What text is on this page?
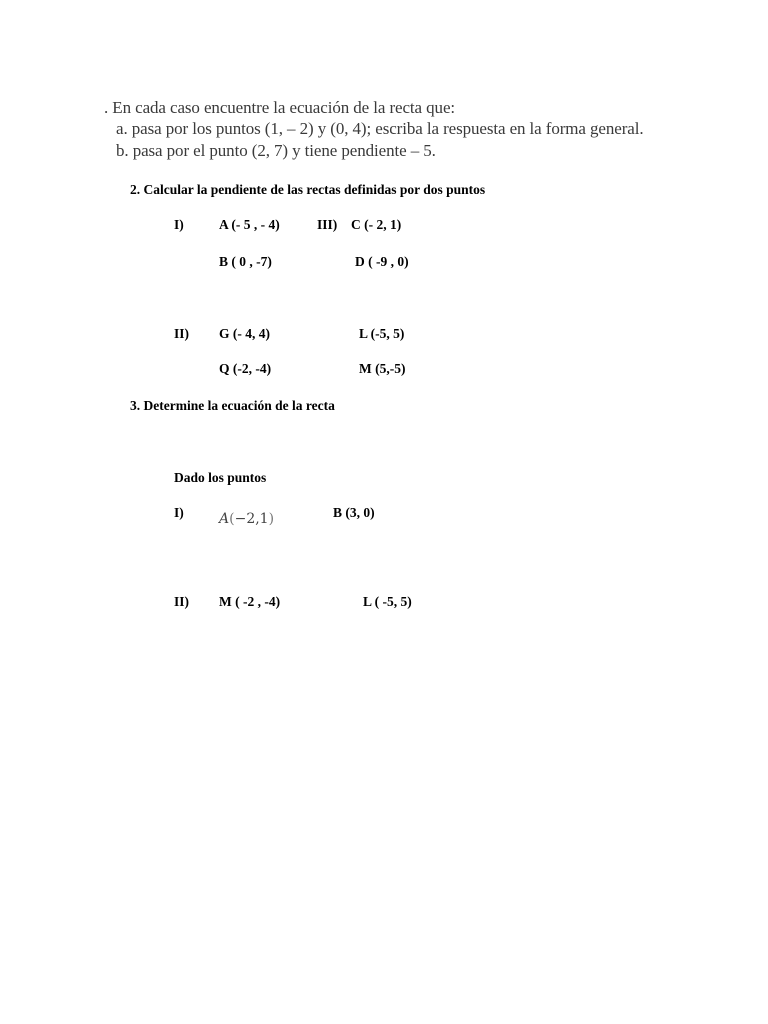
. En cada caso encuentre la ecuación de la recta que:
a. pasa por los puntos (1, – 2) y (0, 4); escriba la respuesta en la forma general.
b. pasa por el punto (2, 7) y tiene pendiente – 5.
2. Calcular la pendiente de las rectas definidas por dos puntos
I)	A (- 5 , - 4)	III) C (- 2, 1)
B ( 0 , -7)	D ( -9 , 0)
II) G (- 4, 4)	L (-5, 5)
Q (-2, -4)	M (5,-5)
3. Determine la ecuación de la recta
Dado los puntos
I)	A(−2,1)	B (3, 0)
II) M ( -2 , -4)	L ( -5, 5)
